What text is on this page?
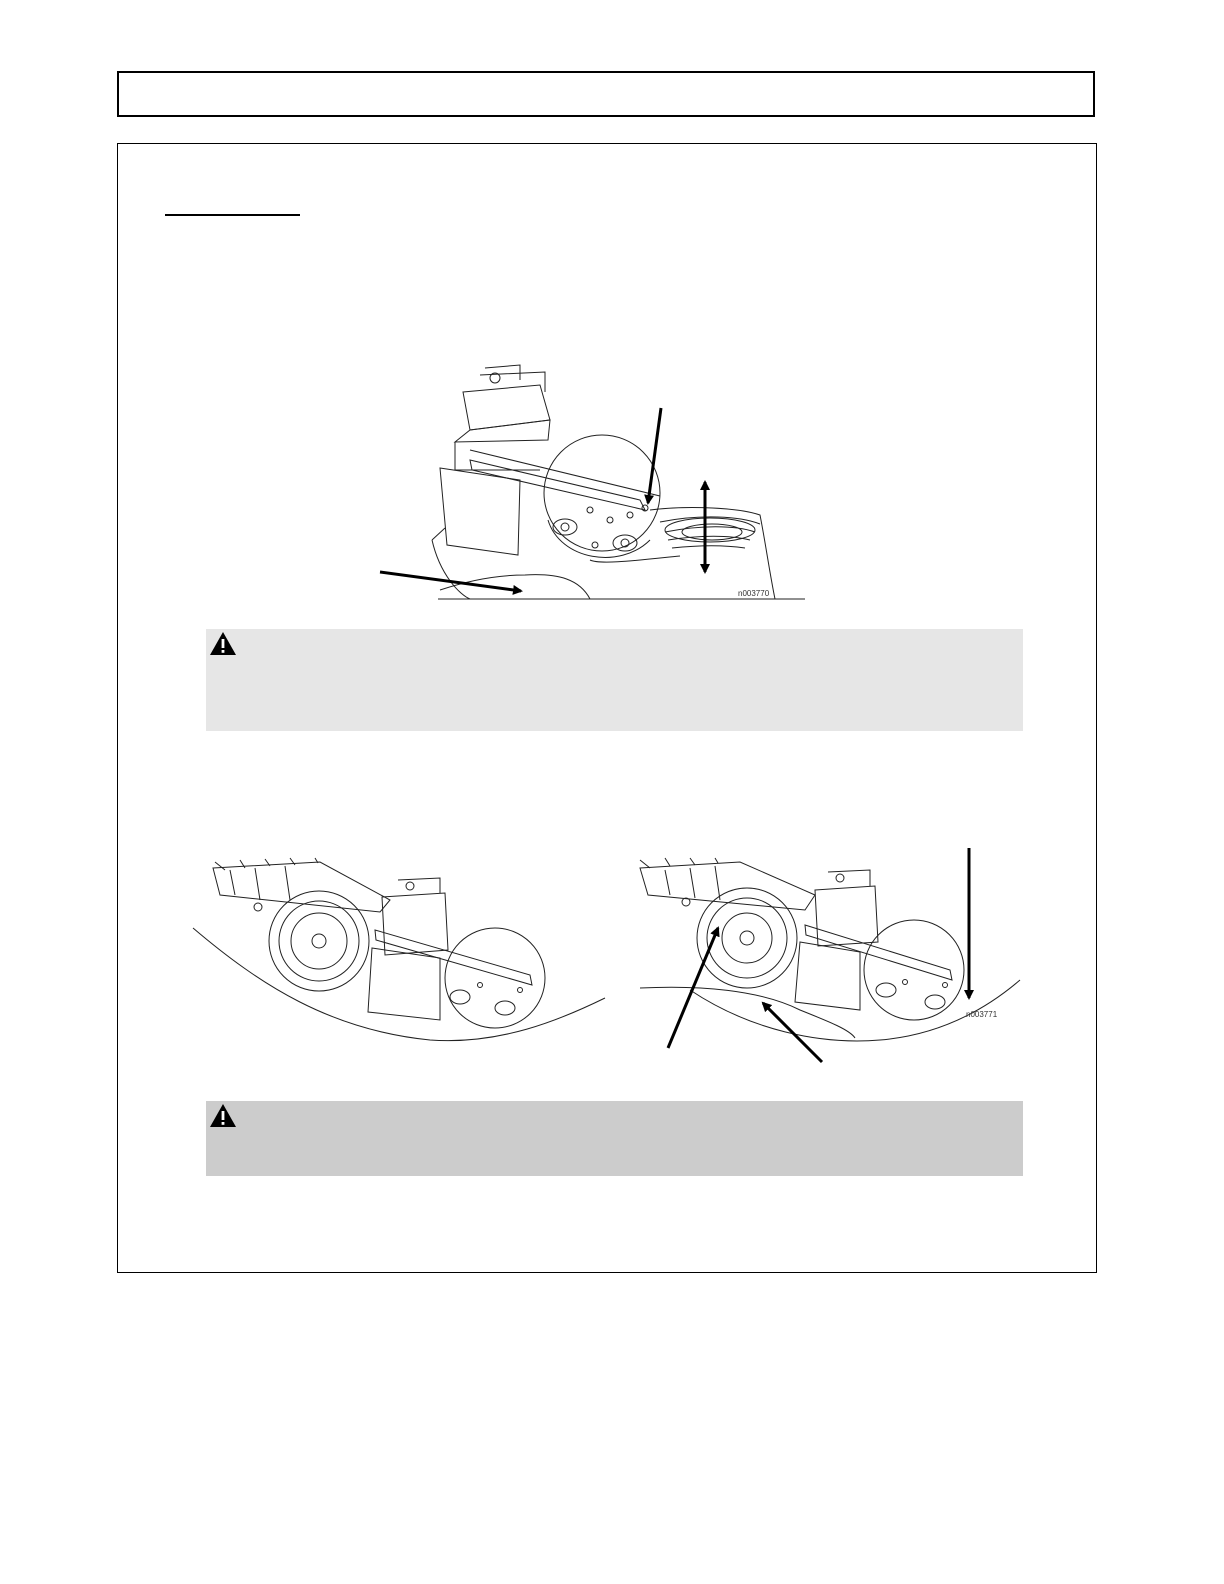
n003770
n003771
